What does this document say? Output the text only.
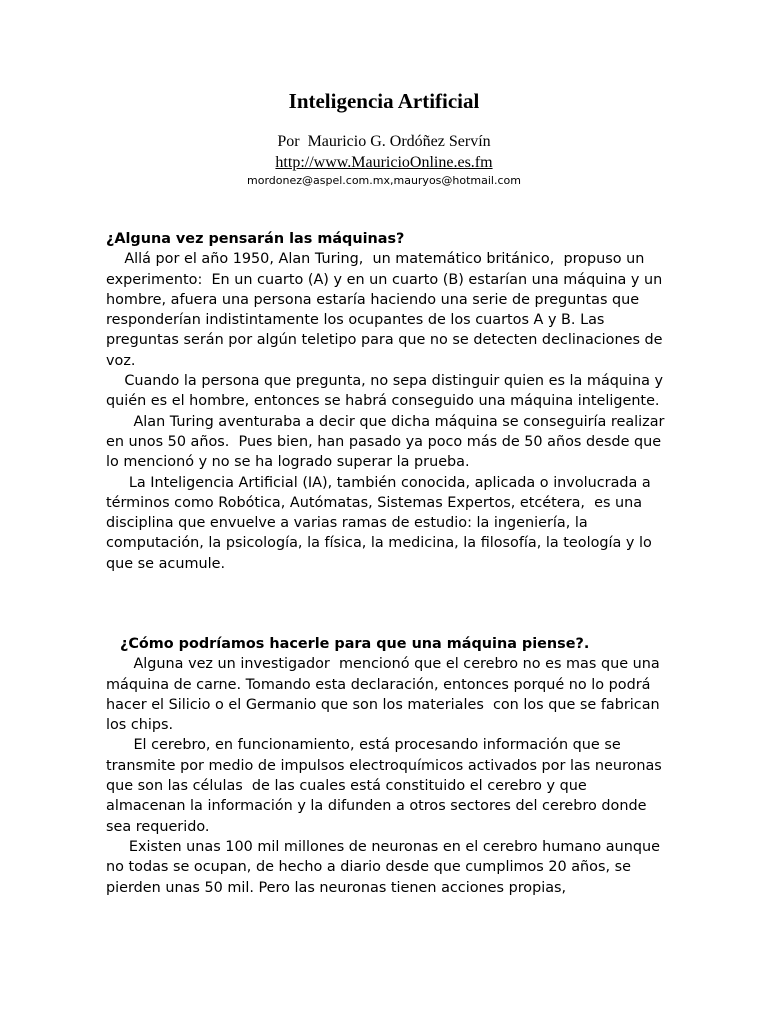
Inteligencia Artificial
Por  Mauricio G. Ordóñez Servín
http://www.MauricioOnline.es.fm
mordonez@aspel.com.mx,mauryos@hotmail.com
¿Alguna vez pensarán las máquinas?

Allá por el año 1950, Alan Turing,  un matemático británico,  propuso un experimento:  En un cuarto (A) y en un cuarto (B) estarían una máquina y un hombre, afuera una persona estaría haciendo una serie de preguntas que responderían indistintamente los ocupantes de los cuartos A y B. Las preguntas serán por algún teletipo para que no se detecten declinaciones de voz.

Cuando la persona que pregunta, no sepa distinguir quien es la máquina y quién es el hombre, entonces se habrá conseguido una máquina inteligente.

Alan Turing aventuraba a decir que dicha máquina se conseguiría realizar en unos 50 años.  Pues bien, han pasado ya poco más de 50 años desde que lo mencionó y no se ha logrado superar la prueba.

La Inteligencia Artificial (IA), también conocida, aplicada o involucrada a términos como Robótica, Autómatas, Sistemas Expertos, etcétera,  es una disciplina que envuelve a varias ramas de estudio: la ingeniería, la computación, la psicología, la física, la medicina, la filosofía, la teología y lo que se acumule.

¿Cómo podríamos hacerle para que una máquina piense?.

Alguna vez un investigador  mencionó que el cerebro no es mas que una  máquina de carne. Tomando esta declaración, entonces porqué no lo podrá hacer el Silicio o el Germanio que son los materiales  con los que se fabrican  los chips.

El cerebro, en funcionamiento, está procesando información que se transmite por medio de impulsos electroquímicos activados por las neuronas que son las células  de las cuales está constituido el cerebro y que almacenan la información y la difunden a otros sectores del cerebro donde sea requerido.

Existen unas 100 mil millones de neuronas en el cerebro humano aunque no todas se ocupan, de hecho a diario desde que cumplimos 20 años, se pierden unas 50 mil. Pero las neuronas tienen acciones propias,
